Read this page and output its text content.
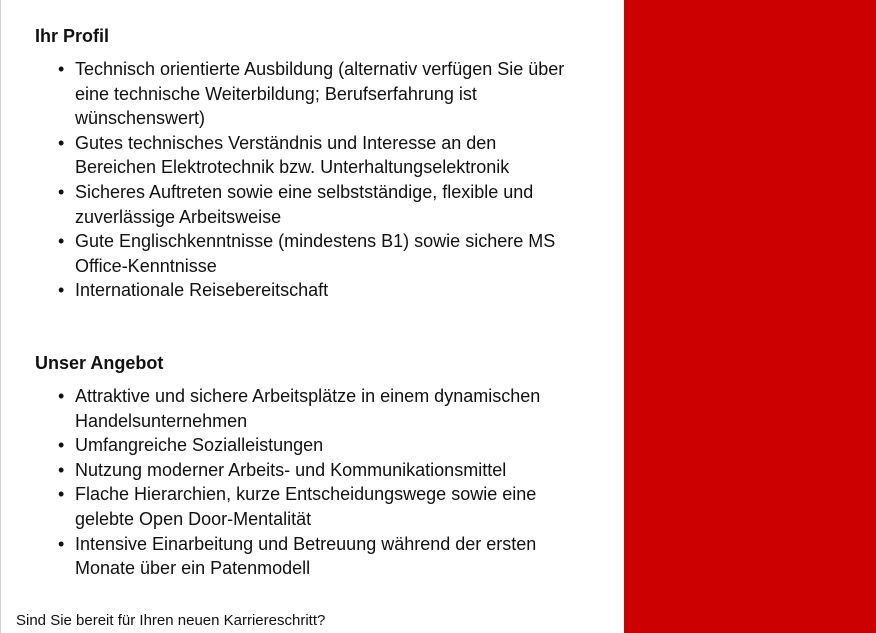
Ihr Profil
• Technisch orientierte Ausbildung (alternativ verfügen Sie über eine technische Weiterbildung; Berufserfahrung ist wünschenswert)
• Gutes technisches Verständnis und Interesse an den Bereichen Elektrotechnik bzw. Unterhaltungselektronik
• Sicheres Auftreten sowie eine selbstständige, flexible und zuverlässige Arbeitsweise
• Gute Englischkenntnisse (mindestens B1) sowie sichere MS Office-Kenntnisse
• Internationale Reisebereitschaft
Unser Angebot
• Attraktive und sichere Arbeitsplätze in einem dynamischen Handelsunternehmen
• Umfangreiche Sozialleistungen
• Nutzung moderner Arbeits- und Kommunikationsmittel
• Flache Hierarchien, kurze Entscheidungswege sowie eine gelebte Open Door-Mentalität
• Intensive Einarbeitung und Betreuung während der ersten Monate über ein Patenmodell

Sind Sie bereit für Ihren neuen Karriereschritt?
